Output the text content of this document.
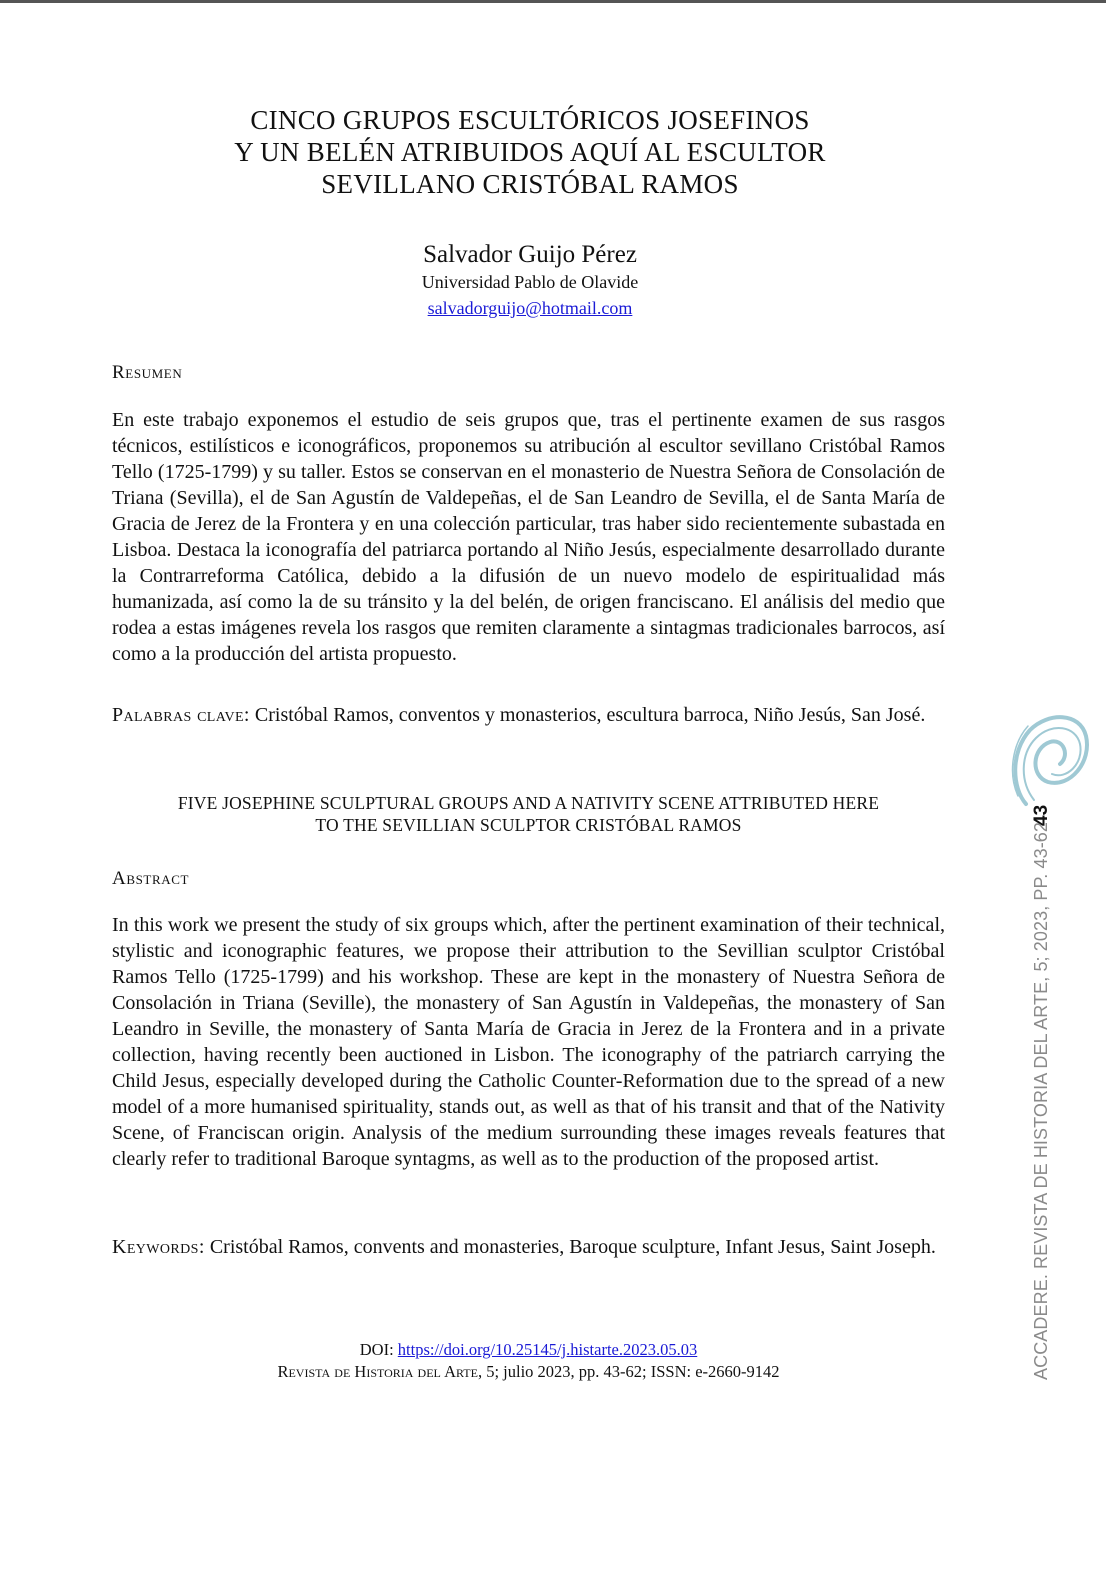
CINCO GRUPOS ESCULTÓRICOS JOSEFINOS
Y UN BELÉN ATRIBUIDOS AQUÍ AL ESCULTOR
SEVILLANO CRISTÓBAL RAMOS
Salvador Guijo Pérez
Universidad Pablo de Olavide
salvadorguijo@hotmail.com
Resumen

En este trabajo exponemos el estudio de seis grupos que, tras el pertinente examen de sus rasgos técnicos, estilísticos e iconográficos, proponemos su atribución al escultor sevillano Cristóbal Ramos Tello (1725-1799) y su taller. Estos se conservan en el monasterio de Nuestra Señora de Consolación de Triana (Sevilla), el de San Agustín de Valdepeñas, el de San Leandro de Sevilla, el de Santa María de Gracia de Jerez de la Frontera y en una colección particular, tras haber sido recientemente subastada en Lisboa. Destaca la iconografía del patriarca portando al Niño Jesús, especialmente desarrollado durante la Contrarreforma Católica, debido a la difusión de un nuevo modelo de espiritualidad más humanizada, así como la de su tránsito y la del belén, de origen franciscano. El análisis del medio que rodea a estas imágenes revela los rasgos que remiten claramente a sintagmas tradicionales barrocos, así como a la producción del artista propuesto.

Palabras clave: Cristóbal Ramos, conventos y monasterios, escultura barroca, Niño Jesús, San José.

FIVE JOSEPHINE SCULPTURAL GROUPS AND A NATIVITY SCENE ATTRIBUTED HERE
TO THE SEVILLIAN SCULPTOR CRISTÓBAL RAMOS
Abstract

In this work we present the study of six groups which, after the pertinent examination of their technical, stylistic and iconographic features, we propose their attribution to the Sevillian sculptor Cristóbal Ramos Tello (1725-1799) and his workshop. These are kept in the monastery of Nuestra Señora de Consolación in Triana (Seville), the monastery of San Agustín in Valdepeñas, the monastery of San Leandro in Seville, the monastery of Santa María de Gracia in Jerez de la Frontera and in a private collection, having recently been auctioned in Lisbon. The iconography of the patriarch carrying the Child Jesus, especially developed during the Catholic Counter-Reformation due to the spread of a new model of a more humanised spirituality, stands out, as well as that of his transit and that of the Nativity Scene, of Franciscan origin. Analysis of the medium surrounding these images reveals features that clearly refer to traditional Baroque syntagms, as well as to the production of the proposed artist.

Keywords: Cristóbal Ramos, convents and monasteries, Baroque sculpture, Infant Jesus, Saint Joseph.

DOI: https://doi.org/10.25145/j.histarte.2023.05.03
Revista de Historia del Arte, 5; julio 2023, pp. 43-62; ISSN: e-2660-9142
43
ACCADERE. REVISTA DE HISTORIA DEL ARTE, 5; 2023, PP. 43-62
